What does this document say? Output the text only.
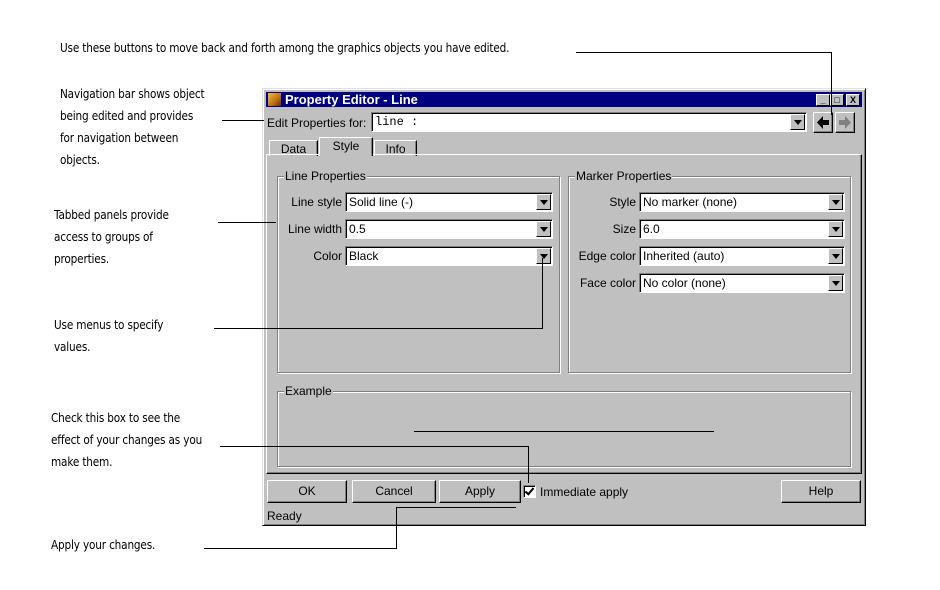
Use these buttons to move back and forth among the graphics objects you have edited.
Navigation bar shows object
being edited and provides
for navigation between
objects.
Tabbed panels provide
access to groups of
properties.
Use menus to specify
values.
Check this box to see the
effect of your changes as you
make them.
Apply your changes.
Property Editor - Line	_ □	X
Edit Properties for: line :
Data	Style	Info
Line Properties
Line style Solid line (-)
Line width 0.5
Color Black
Marker Properties
Style No marker (none)
Size 6.0
Edge color Inherited (auto)
Face color No color (none)
Example
OK	Cancel	Apply	Immediate apply	Help
Ready
